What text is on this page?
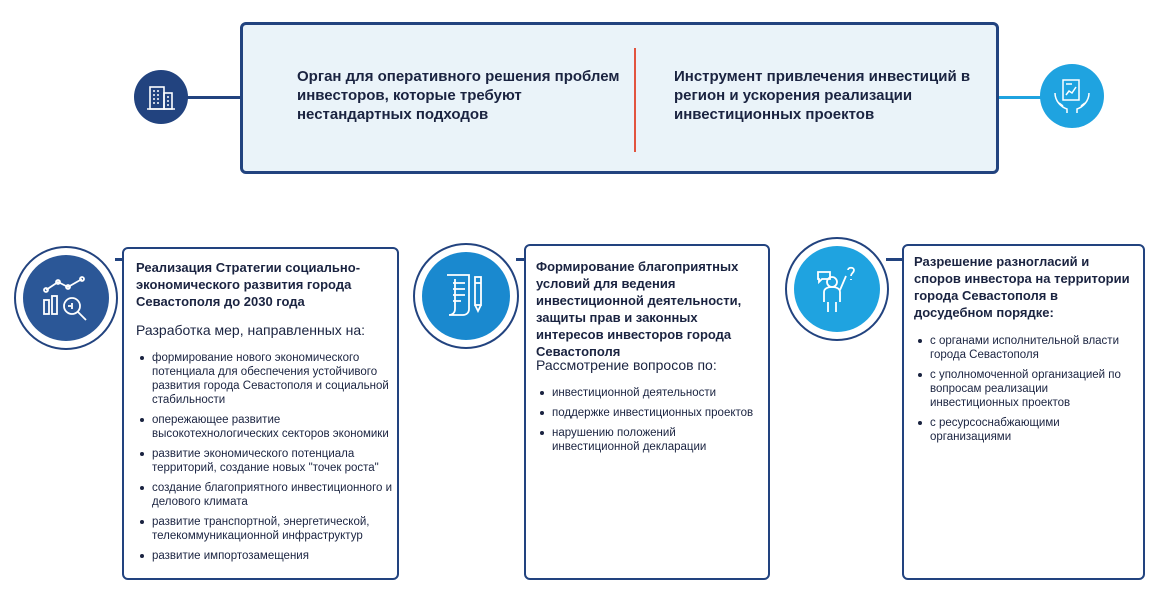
Орган для оперативного решения проблем инвесторов, которые требуют нестандартных подходов
Инструмент привлечения инвестиций в регион и ускорения реализации инвестиционных проектов
Реализация Стратегии социально-экономического развития города Севастополя до 2030 года
Разработка мер, направленных на:
формирование нового экономического потенциала для обеспечения устойчивого развития города Севастополя и социальной стабильности
опережающее развитие высокотехнологических секторов экономики
развитие экономического потенциала территорий, создание новых "точек роста"
создание благоприятного инвестиционного и делового климата
развитие транспортной, энергетической, телекоммуникационной инфраструктур
развитие импортозамещения
Формирование благоприятных условий для ведения инвестиционной деятельности, защиты прав и законных интересов инвесторов города Севастополя
Рассмотрение вопросов по:
инвестиционной деятельности
поддержке инвестиционных проектов
нарушению положений инвестиционной декларации
Разрешение разногласий и споров инвестора на территории города Севастополя в досудебном порядке:
с органами исполнительной власти города Севастополя
с уполномоченной организацией по вопросам реализации инвестиционных проектов
с ресурсоснабжающими организациями
